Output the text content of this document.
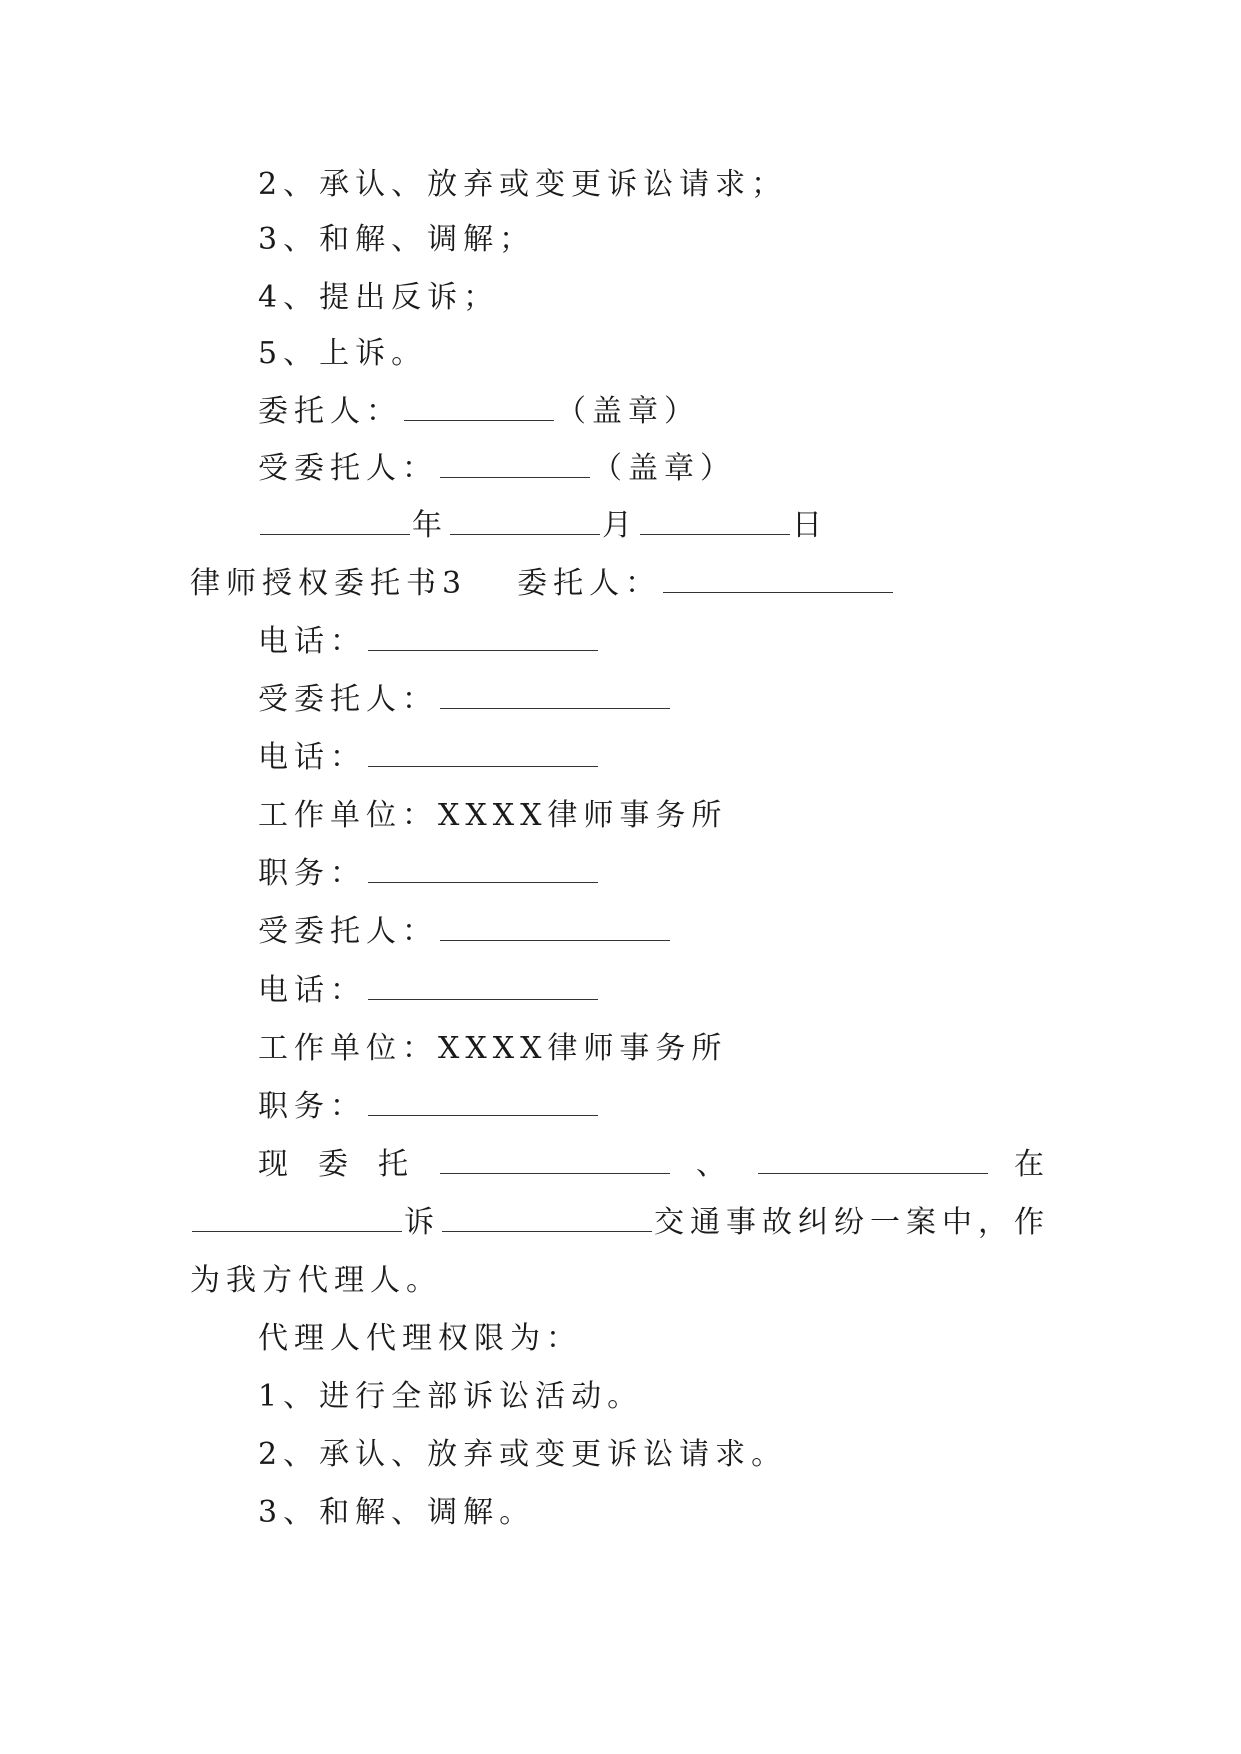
2、承认、放弃或变更诉讼请求；
3、和解、调解；
4、提出反诉；
5、上诉。
委托人：	（盖章）
受委托人：	（盖章）
年	月	日
律师授权委托书3 委托人：
电话：
受委托人：
电话：
工作单位：XXXX律师事务所
职务：
受委托人：
电话：
工作单位：XXXX律师事务所
职务：
现 委 托	、	在
诉	交通事故纠纷一案中，作
为我方代理人。
代理人代理权限为：
1、进行全部诉讼活动。
2、承认、放弃或变更诉讼请求。
3、和解、调解。
